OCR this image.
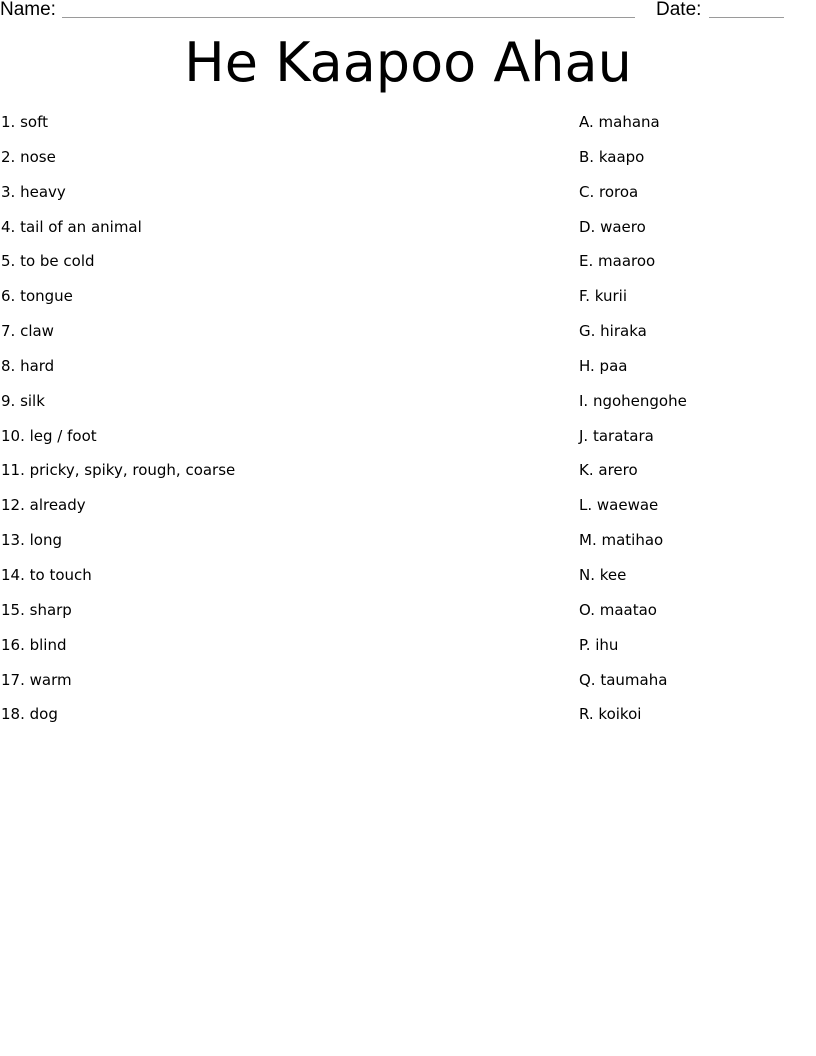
Name:	Date:
He Kaapoo Ahau
1. soft
2. nose
3. heavy
4. tail of an animal
5. to be cold
6. tongue
7. claw
8. hard
9. silk
10. leg / foot
11. pricky, spiky, rough, coarse
12. already
13. long
14. to touch
15. sharp
16. blind
17. warm
18. dog
A. mahana
B. kaapo
C. roroa
D. waero
E. maaroo
F. kurii
G. hiraka
H. paa
I. ngohengohe
J. taratara
K. arero
L. waewae
M. matihao
N. kee
O. maatao
P. ihu
Q. taumaha
R. koikoi
